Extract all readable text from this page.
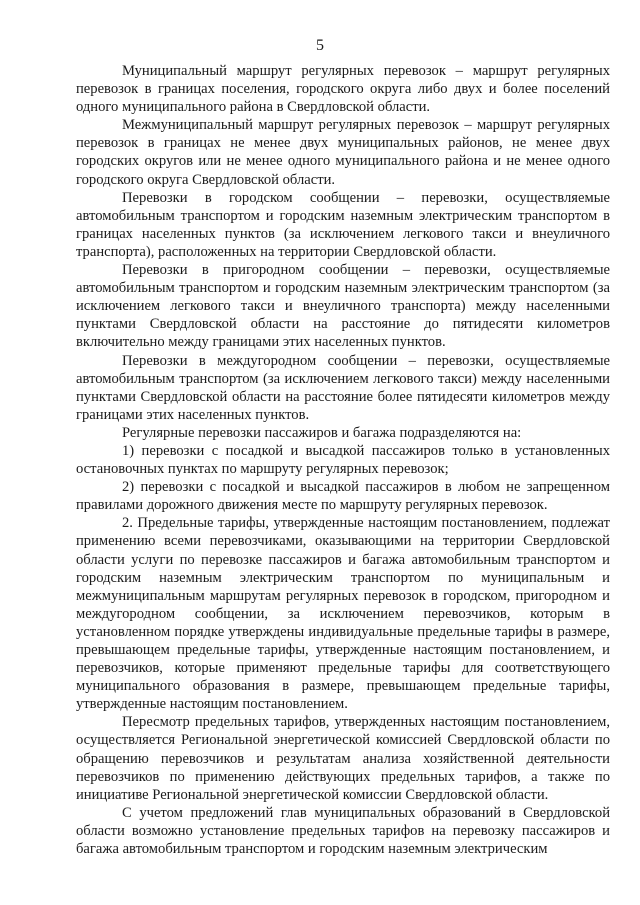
5

Муниципальный маршрут регулярных перевозок – маршрут регулярных перевозок в границах поселения, городского округа либо двух и более поселений одного муниципального района в Свердловской области.

Межмуниципальный маршрут регулярных перевозок – маршрут регулярных перевозок в границах не менее двух муниципальных районов, не менее двух городских округов или не менее одного муниципального района и не менее одного городского округа Свердловской области.

Перевозки в городском сообщении – перевозки, осуществляемые автомобильным транспортом и городским наземным электрическим транспортом в границах населенных пунктов (за исключением легкового такси и внеуличного транспорта), расположенных на территории Свердловской области.

Перевозки в пригородном сообщении – перевозки, осуществляемые автомобильным транспортом и городским наземным электрическим транспортом (за исключением легкового такси и внеуличного транспорта) между населенными пунктами Свердловской области на расстояние до пятидесяти километров включительно между границами этих населенных пунктов.

Перевозки в междугородном сообщении – перевозки, осуществляемые автомобильным транспортом (за исключением легкового такси) между населенными пунктами Свердловской области на расстояние более пятидесяти километров между границами этих населенных пунктов.

Регулярные перевозки пассажиров и багажа подразделяются на:

1) перевозки с посадкой и высадкой пассажиров только в установленных остановочных пунктах по маршруту регулярных перевозок;

2) перевозки с посадкой и высадкой пассажиров в любом не запрещенном правилами дорожного движения месте по маршруту регулярных перевозок.

2. Предельные тарифы, утвержденные настоящим постановлением, подлежат применению всеми перевозчиками, оказывающими на территории Свердловской области услуги по перевозке пассажиров и багажа автомобильным транспортом и городским наземным электрическим транспортом по муниципальным и межмуниципальным маршрутам регулярных перевозок в городском, пригородном и междугородном сообщении, за исключением перевозчиков, которым в установленном порядке утверждены индивидуальные предельные тарифы в размере, превышающем предельные тарифы, утвержденные настоящим постановлением, и перевозчиков, которые применяют предельные тарифы для соответствующего муниципального образования в размере, превышающем предельные тарифы, утвержденные настоящим постановлением.

Пересмотр предельных тарифов, утвержденных настоящим постановлением, осуществляется Региональной энергетической комиссией Свердловской области по обращению перевозчиков и результатам анализа хозяйственной деятельности перевозчиков по применению действующих предельных тарифов, а также по инициативе Региональной энергетической комиссии Свердловской области.

С учетом предложений глав муниципальных образований в Свердловской области возможно установление предельных тарифов на перевозку пассажиров и багажа автомобильным транспортом и городским наземным электрическим
